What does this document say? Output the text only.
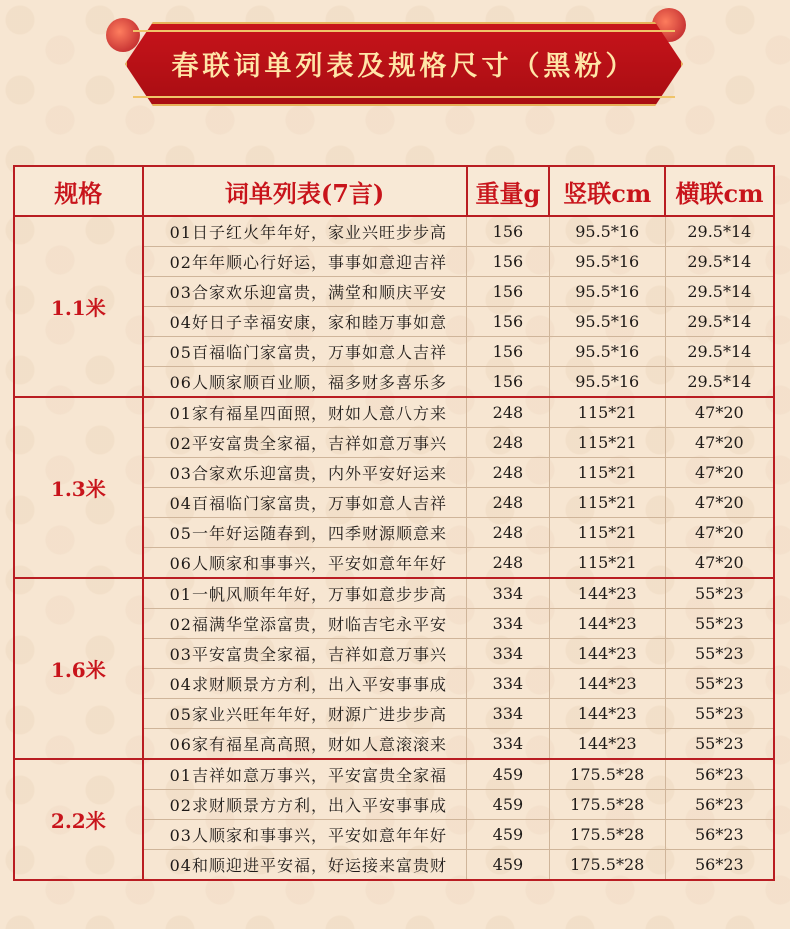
春联词单列表及规格尺寸（黑粉）
规格	词单列表(7言)	重量g	竖联cm	横联cm
1.1米	01日子红火年年好，家业兴旺步步高	156	95.5*16	29.5*14
	02年年顺心行好运，事事如意迎吉祥	156	95.5*16	29.5*14
	03合家欢乐迎富贵，满堂和顺庆平安	156	95.5*16	29.5*14
	04好日子幸福安康，家和睦万事如意	156	95.5*16	29.5*14
	05百福临门家富贵，万事如意人吉祥	156	95.5*16	29.5*14
	06人顺家顺百业顺，福多财多喜乐多	156	95.5*16	29.5*14
1.3米	01家有福星四面照，财如人意八方来	248	115*21	47*20
	02平安富贵全家福，吉祥如意万事兴	248	115*21	47*20
	03合家欢乐迎富贵，内外平安好运来	248	115*21	47*20
	04百福临门家富贵，万事如意人吉祥	248	115*21	47*20
	05一年好运随春到，四季财源顺意来	248	115*21	47*20
	06人顺家和事事兴，平安如意年年好	248	115*21	47*20
1.6米	01一帆风顺年年好，万事如意步步高	334	144*23	55*23
	02福满华堂添富贵，财临吉宅永平安	334	144*23	55*23
	03平安富贵全家福，吉祥如意万事兴	334	144*23	55*23
	04求财顺景方方利，出入平安事事成	334	144*23	55*23
	05家业兴旺年年好，财源广进步步高	334	144*23	55*23
	06家有福星高高照，财如人意滚滚来	334	144*23	55*23
2.2米	01吉祥如意万事兴，平安富贵全家福	459	175.5*28	56*23
	02求财顺景方方利，出入平安事事成	459	175.5*28	56*23
	03人顺家和事事兴，平安如意年年好	459	175.5*28	56*23
	04和顺迎进平安福，好运接来富贵财	459	175.5*28	56*23
